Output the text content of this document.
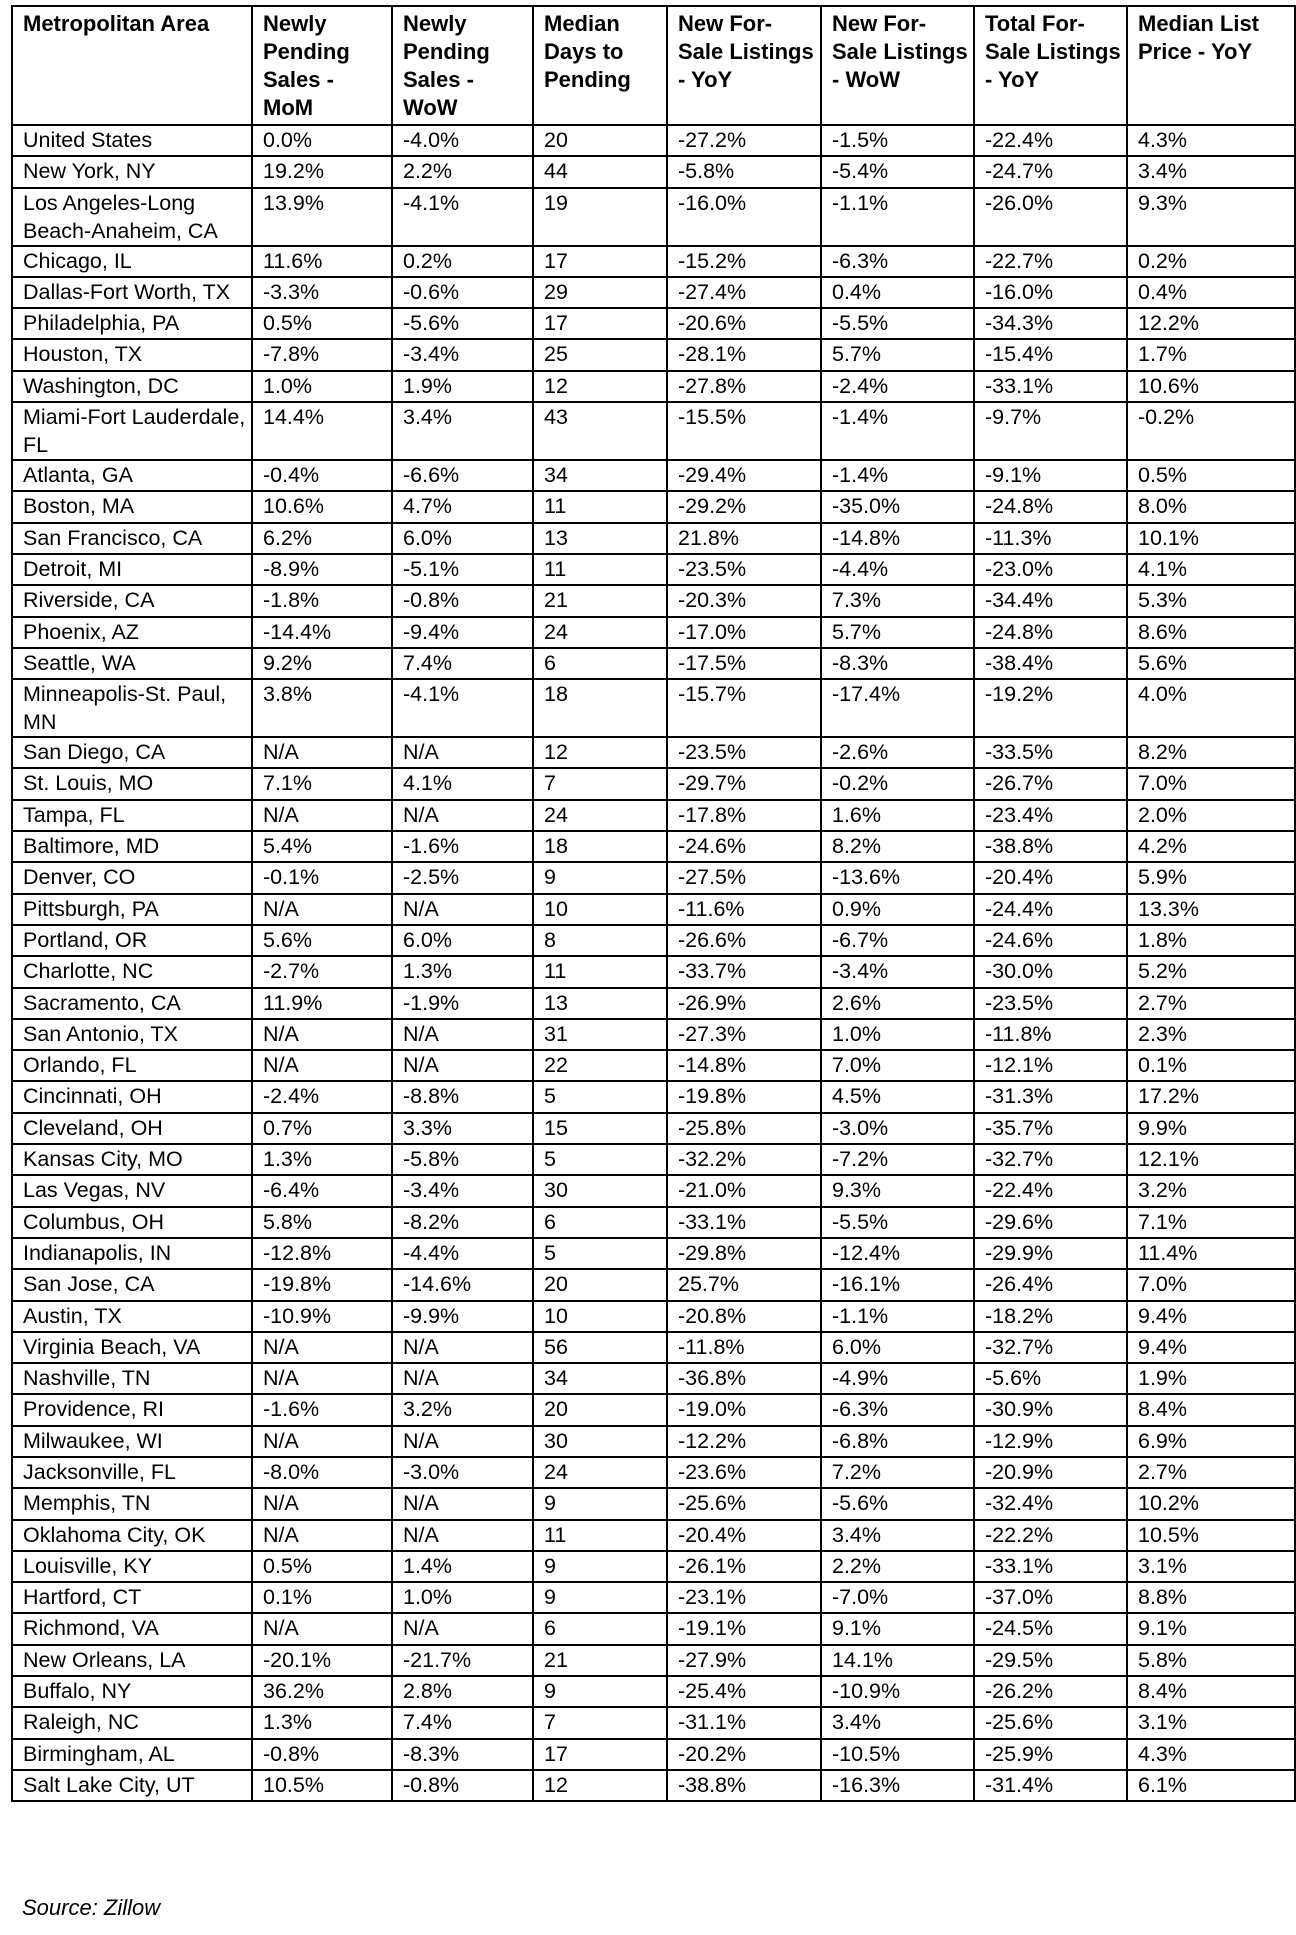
Metropolitan Area	Newly Pending Sales - MoM	Newly Pending Sales - WoW	Median Days to Pending	New For-Sale Listings - YoY	New For-Sale Listings - WoW	Total For-Sale Listings - YoY	Median List Price - YoY
United States	0.0%	-4.0%	20	-27.2%	-1.5%	-22.4%	4.3%
New York, NY	19.2%	2.2%	44	-5.8%	-5.4%	-24.7%	3.4%
Los Angeles-Long Beach-Anaheim, CA	13.9%	-4.1%	19	-16.0%	-1.1%	-26.0%	9.3%
Chicago, IL	11.6%	0.2%	17	-15.2%	-6.3%	-22.7%	0.2%
Dallas-Fort Worth, TX	-3.3%	-0.6%	29	-27.4%	0.4%	-16.0%	0.4%
Philadelphia, PA	0.5%	-5.6%	17	-20.6%	-5.5%	-34.3%	12.2%
Houston, TX	-7.8%	-3.4%	25	-28.1%	5.7%	-15.4%	1.7%
Washington, DC	1.0%	1.9%	12	-27.8%	-2.4%	-33.1%	10.6%
Miami-Fort Lauderdale, FL	14.4%	3.4%	43	-15.5%	-1.4%	-9.7%	-0.2%
Atlanta, GA	-0.4%	-6.6%	34	-29.4%	-1.4%	-9.1%	0.5%
Boston, MA	10.6%	4.7%	11	-29.2%	-35.0%	-24.8%	8.0%
San Francisco, CA	6.2%	6.0%	13	21.8%	-14.8%	-11.3%	10.1%
Detroit, MI	-8.9%	-5.1%	11	-23.5%	-4.4%	-23.0%	4.1%
Riverside, CA	-1.8%	-0.8%	21	-20.3%	7.3%	-34.4%	5.3%
Phoenix, AZ	-14.4%	-9.4%	24	-17.0%	5.7%	-24.8%	8.6%
Seattle, WA	9.2%	7.4%	6	-17.5%	-8.3%	-38.4%	5.6%
Minneapolis-St. Paul, MN	3.8%	-4.1%	18	-15.7%	-17.4%	-19.2%	4.0%
San Diego, CA	N/A	N/A	12	-23.5%	-2.6%	-33.5%	8.2%
St. Louis, MO	7.1%	4.1%	7	-29.7%	-0.2%	-26.7%	7.0%
Tampa, FL	N/A	N/A	24	-17.8%	1.6%	-23.4%	2.0%
Baltimore, MD	5.4%	-1.6%	18	-24.6%	8.2%	-38.8%	4.2%
Denver, CO	-0.1%	-2.5%	9	-27.5%	-13.6%	-20.4%	5.9%
Pittsburgh, PA	N/A	N/A	10	-11.6%	0.9%	-24.4%	13.3%
Portland, OR	5.6%	6.0%	8	-26.6%	-6.7%	-24.6%	1.8%
Charlotte, NC	-2.7%	1.3%	11	-33.7%	-3.4%	-30.0%	5.2%
Sacramento, CA	11.9%	-1.9%	13	-26.9%	2.6%	-23.5%	2.7%
San Antonio, TX	N/A	N/A	31	-27.3%	1.0%	-11.8%	2.3%
Orlando, FL	N/A	N/A	22	-14.8%	7.0%	-12.1%	0.1%
Cincinnati, OH	-2.4%	-8.8%	5	-19.8%	4.5%	-31.3%	17.2%
Cleveland, OH	0.7%	3.3%	15	-25.8%	-3.0%	-35.7%	9.9%
Kansas City, MO	1.3%	-5.8%	5	-32.2%	-7.2%	-32.7%	12.1%
Las Vegas, NV	-6.4%	-3.4%	30	-21.0%	9.3%	-22.4%	3.2%
Columbus, OH	5.8%	-8.2%	6	-33.1%	-5.5%	-29.6%	7.1%
Indianapolis, IN	-12.8%	-4.4%	5	-29.8%	-12.4%	-29.9%	11.4%
San Jose, CA	-19.8%	-14.6%	20	25.7%	-16.1%	-26.4%	7.0%
Austin, TX	-10.9%	-9.9%	10	-20.8%	-1.1%	-18.2%	9.4%
Virginia Beach, VA	N/A	N/A	56	-11.8%	6.0%	-32.7%	9.4%
Nashville, TN	N/A	N/A	34	-36.8%	-4.9%	-5.6%	1.9%
Providence, RI	-1.6%	3.2%	20	-19.0%	-6.3%	-30.9%	8.4%
Milwaukee, WI	N/A	N/A	30	-12.2%	-6.8%	-12.9%	6.9%
Jacksonville, FL	-8.0%	-3.0%	24	-23.6%	7.2%	-20.9%	2.7%
Memphis, TN	N/A	N/A	9	-25.6%	-5.6%	-32.4%	10.2%
Oklahoma City, OK	N/A	N/A	11	-20.4%	3.4%	-22.2%	10.5%
Louisville, KY	0.5%	1.4%	9	-26.1%	2.2%	-33.1%	3.1%
Hartford, CT	0.1%	1.0%	9	-23.1%	-7.0%	-37.0%	8.8%
Richmond, VA	N/A	N/A	6	-19.1%	9.1%	-24.5%	9.1%
New Orleans, LA	-20.1%	-21.7%	21	-27.9%	14.1%	-29.5%	5.8%
Buffalo, NY	36.2%	2.8%	9	-25.4%	-10.9%	-26.2%	8.4%
Raleigh, NC	1.3%	7.4%	7	-31.1%	3.4%	-25.6%	3.1%
Birmingham, AL	-0.8%	-8.3%	17	-20.2%	-10.5%	-25.9%	4.3%
Salt Lake City, UT	10.5%	-0.8%	12	-38.8%	-16.3%	-31.4%	6.1%
Source: Zillow
